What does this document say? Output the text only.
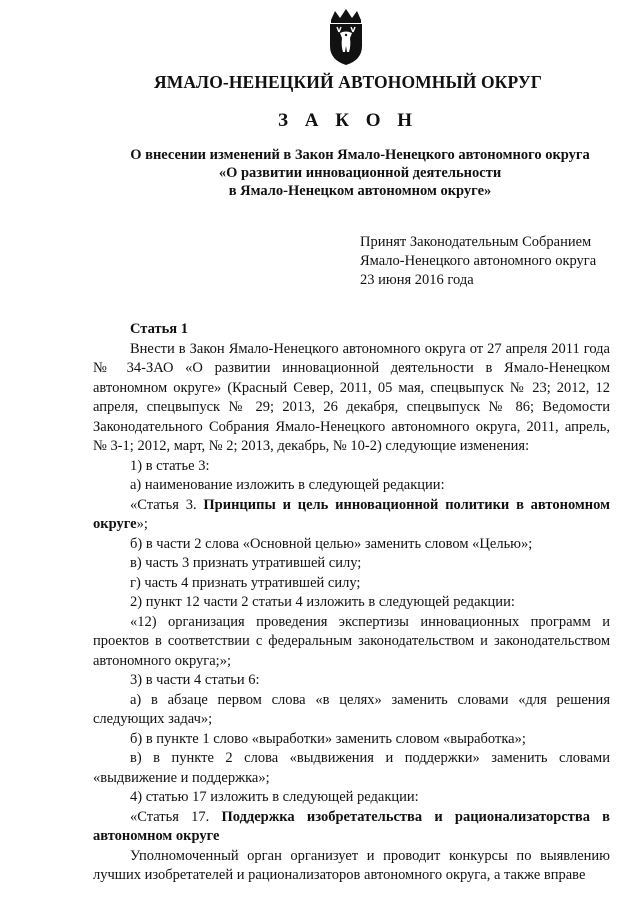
ЯМАЛО-НЕНЕЦКИЙ АВТОНОМНЫЙ ОКРУГ
З А К О Н
О внесении изменений в Закон Ямало-Ненецкого автономного округа
«О развитии инновационной деятельности
в Ямало-Ненецком автономном округе»
Принят Законодательным Собранием
Ямало-Ненецкого автономного округа
23 июня 2016 года

Статья 1

Внести в Закон Ямало-Ненецкого автономного округа от 27 апреля 2011 года № 34-ЗАО «О развитии инновационной деятельности в Ямало-Ненецком автономном округе» (Красный Север, 2011, 05 мая, спецвыпуск № 23; 2012, 12 апреля, спецвыпуск № 29; 2013, 26 декабря, спецвыпуск № 86; Ведомости Законодательного Собрания Ямало-Ненецкого автономного округа, 2011, апрель, № 3-1; 2012, март, № 2; 2013, декабрь, № 10-2) следующие изменения:

1) в статье 3:

а) наименование изложить в следующей редакции:

«Статья 3. Принципы и цель инновационной политики в автономном округе»;

б) в части 2 слова «Основной целью» заменить словом «Целью»;

в) часть 3 признать утратившей силу;

г) часть 4 признать утратившей силу;

2) пункт 12 части 2 статьи 4 изложить в следующей редакции:

«12) организация проведения экспертизы инновационных программ и проектов в соответствии с федеральным законодательством и законодательством автономного округа;»;

3) в части 4 статьи 6:

а) в абзаце первом слова «в целях» заменить словами «для решения следующих задач»;

б) в пункте 1 слово «выработки» заменить словом «выработка»;

в) в пункте 2 слова «выдвижения и поддержки» заменить словами «выдвижение и поддержка»;

4) статью 17 изложить в следующей редакции:

«Статья 17. Поддержка изобретательства и рационализаторства в автономном округе

Уполномоченный орган организует и проводит конкурсы по выявлению лучших изобретателей и рационализаторов автономного округа, а также вправе
